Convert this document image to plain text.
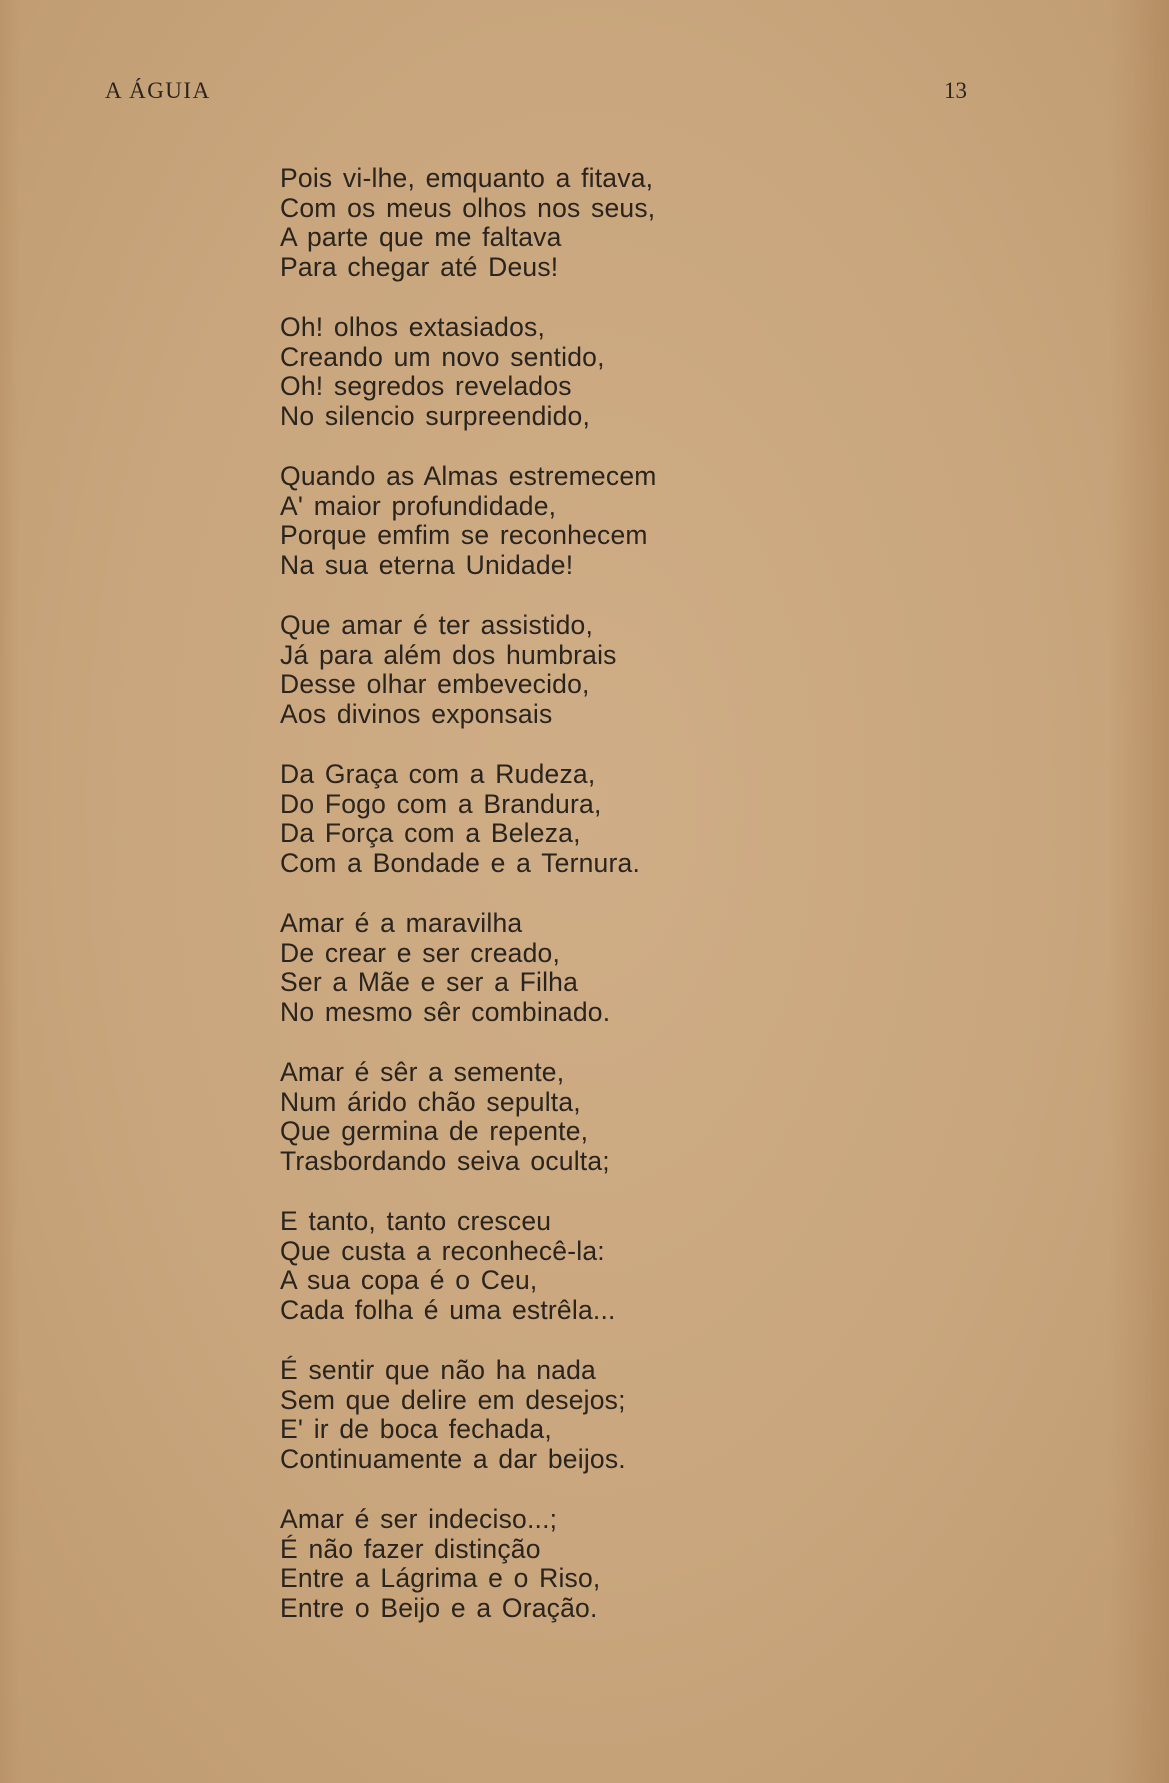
A ÁGUIA	13
Pois vi-lhe, emquanto a fitava,
Com os meus olhos nos seus,
A parte que me faltava
Para chegar até Deus!
Oh! olhos extasiados,
Creando um novo sentido,
Oh! segredos revelados
No silencio surpreendido,
Quando as Almas estremecem
A' maior profundidade,
Porque emfim se reconhecem
Na sua eterna Unidade!
Que amar é ter assistido,
Já para além dos humbrais
Desse olhar embevecido,
Aos divinos exponsais
Da Graça com a Rudeza,
Do Fogo com a Brandura,
Da Força com a Beleza,
Com a Bondade e a Ternura.
Amar é a maravilha
De crear e ser creado,
Ser a Mãe e ser a Filha
No mesmo sêr combinado.
Amar é sêr a semente,
Num árido chão sepulta,
Que germina de repente,
Trasbordando seiva oculta;
E tanto, tanto cresceu
Que custa a reconhecê-la:
A sua copa é o Ceu,
Cada folha é uma estrêla...
É sentir que não ha nada
Sem que delire em desejos;
E' ir de boca fechada,
Continuamente a dar beijos.
Amar é ser indeciso...;
É não fazer distinção
Entre a Lágrima e o Riso,
Entre o Beijo e a Oração.
